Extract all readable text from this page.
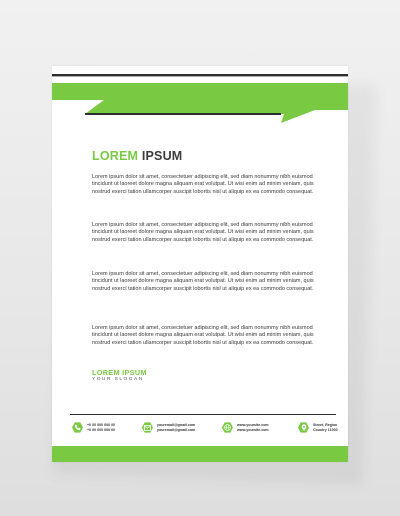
LOREM IPSUM

Lorem ipsum dolor sit amet, consectetuer adipiscing elit, sed diam nonummy nibh euismod tincidunt ut laoreet dolore magna aliquam erat volutpat. Ut wisi enim ad minim veniam, quis nostrud exerci tation ullamcorper suscipit lobortis nisl ut aliquip ex ea commodo consequat.

Lorem ipsum dolor sit amet, consectetuer adipiscing elit, sed diam nonummy nibh euismod tincidunt ut laoreet dolore magna aliquam erat volutpat. Ut wisi enim ad minim veniam, quis nostrud exerci tation ullamcorper suscipit lobortis nisl ut aliquip ex ea commodo consequat.

Lorem ipsum dolor sit amet, consectetuer adipiscing elit, sed diam nonummy nibh euismod tincidunt ut laoreet dolore magna aliquam erat volutpat. Ut wisi enim ad minim veniam, quis nostrud exerci tation ullamcorper suscipit lobortis nisl ut aliquip ex ea commodo consequat.

Lorem ipsum dolor sit amet, consectetuer adipiscing elit, sed diam nonummy nibh euismod tincidunt ut laoreet dolore magna aliquam erat volutpat. Ut wisi enim ad minim veniam, quis nostrud exerci tation ullamcorper suscipit lobortis nisl ut aliquip ex ea commodo consequat.

LOREM IPSUM
YOUR SLOGAN
+0 00 000 000 00
+0 00 000 000 00
youremail@gmail.com
youremail@gmail.com
www.yoursite.com
www.yoursite.com
Street, Region
Country 11000
